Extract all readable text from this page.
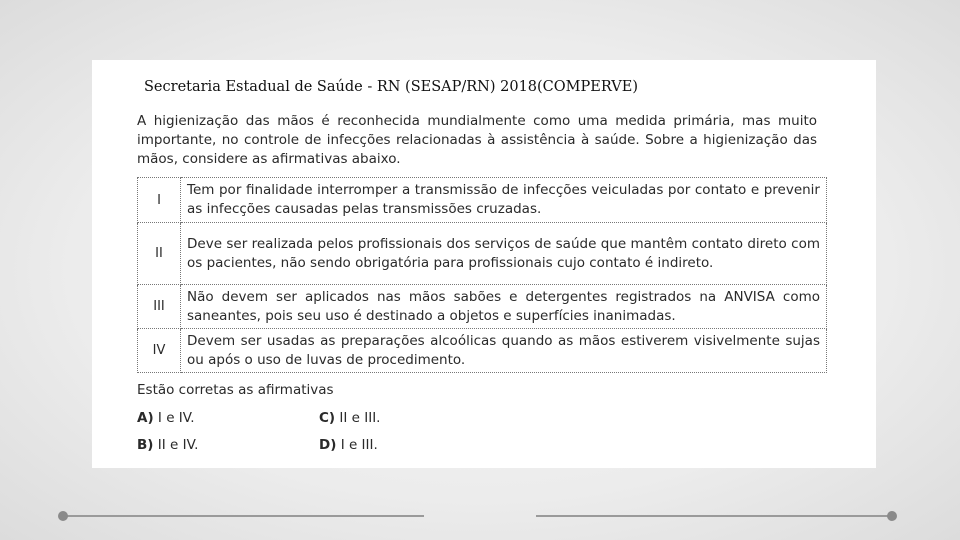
Secretaria Estadual de Saúde - RN (SESAP/RN) 2018(COMPERVE)
A higienização das mãos é reconhecida mundialmente como uma medida primária, mas muito importante, no controle de infecções relacionadas à assistência à saúde. Sobre a higienização das mãos, considere as afirmativas abaixo.
I	Tem por finalidade interromper a transmissão de infecções veiculadas por contato e prevenir as infecções causadas pelas transmissões cruzadas.
II	Deve ser realizada pelos profissionais dos serviços de saúde que mantêm contato direto com os pacientes, não sendo obrigatória para profissionais cujo contato é indireto.
III	Não devem ser aplicados nas mãos sabões e detergentes registrados na ANVISA como saneantes, pois seu uso é destinado a objetos e superfícies inanimadas.
IV	Devem ser usadas as preparações alcoólicas quando as mãos estiverem visivelmente sujas ou após o uso de luvas de procedimento.
Estão corretas as afirmativas
A) I e IV.	C) II e III.
B) II e IV.	D) I e III.
